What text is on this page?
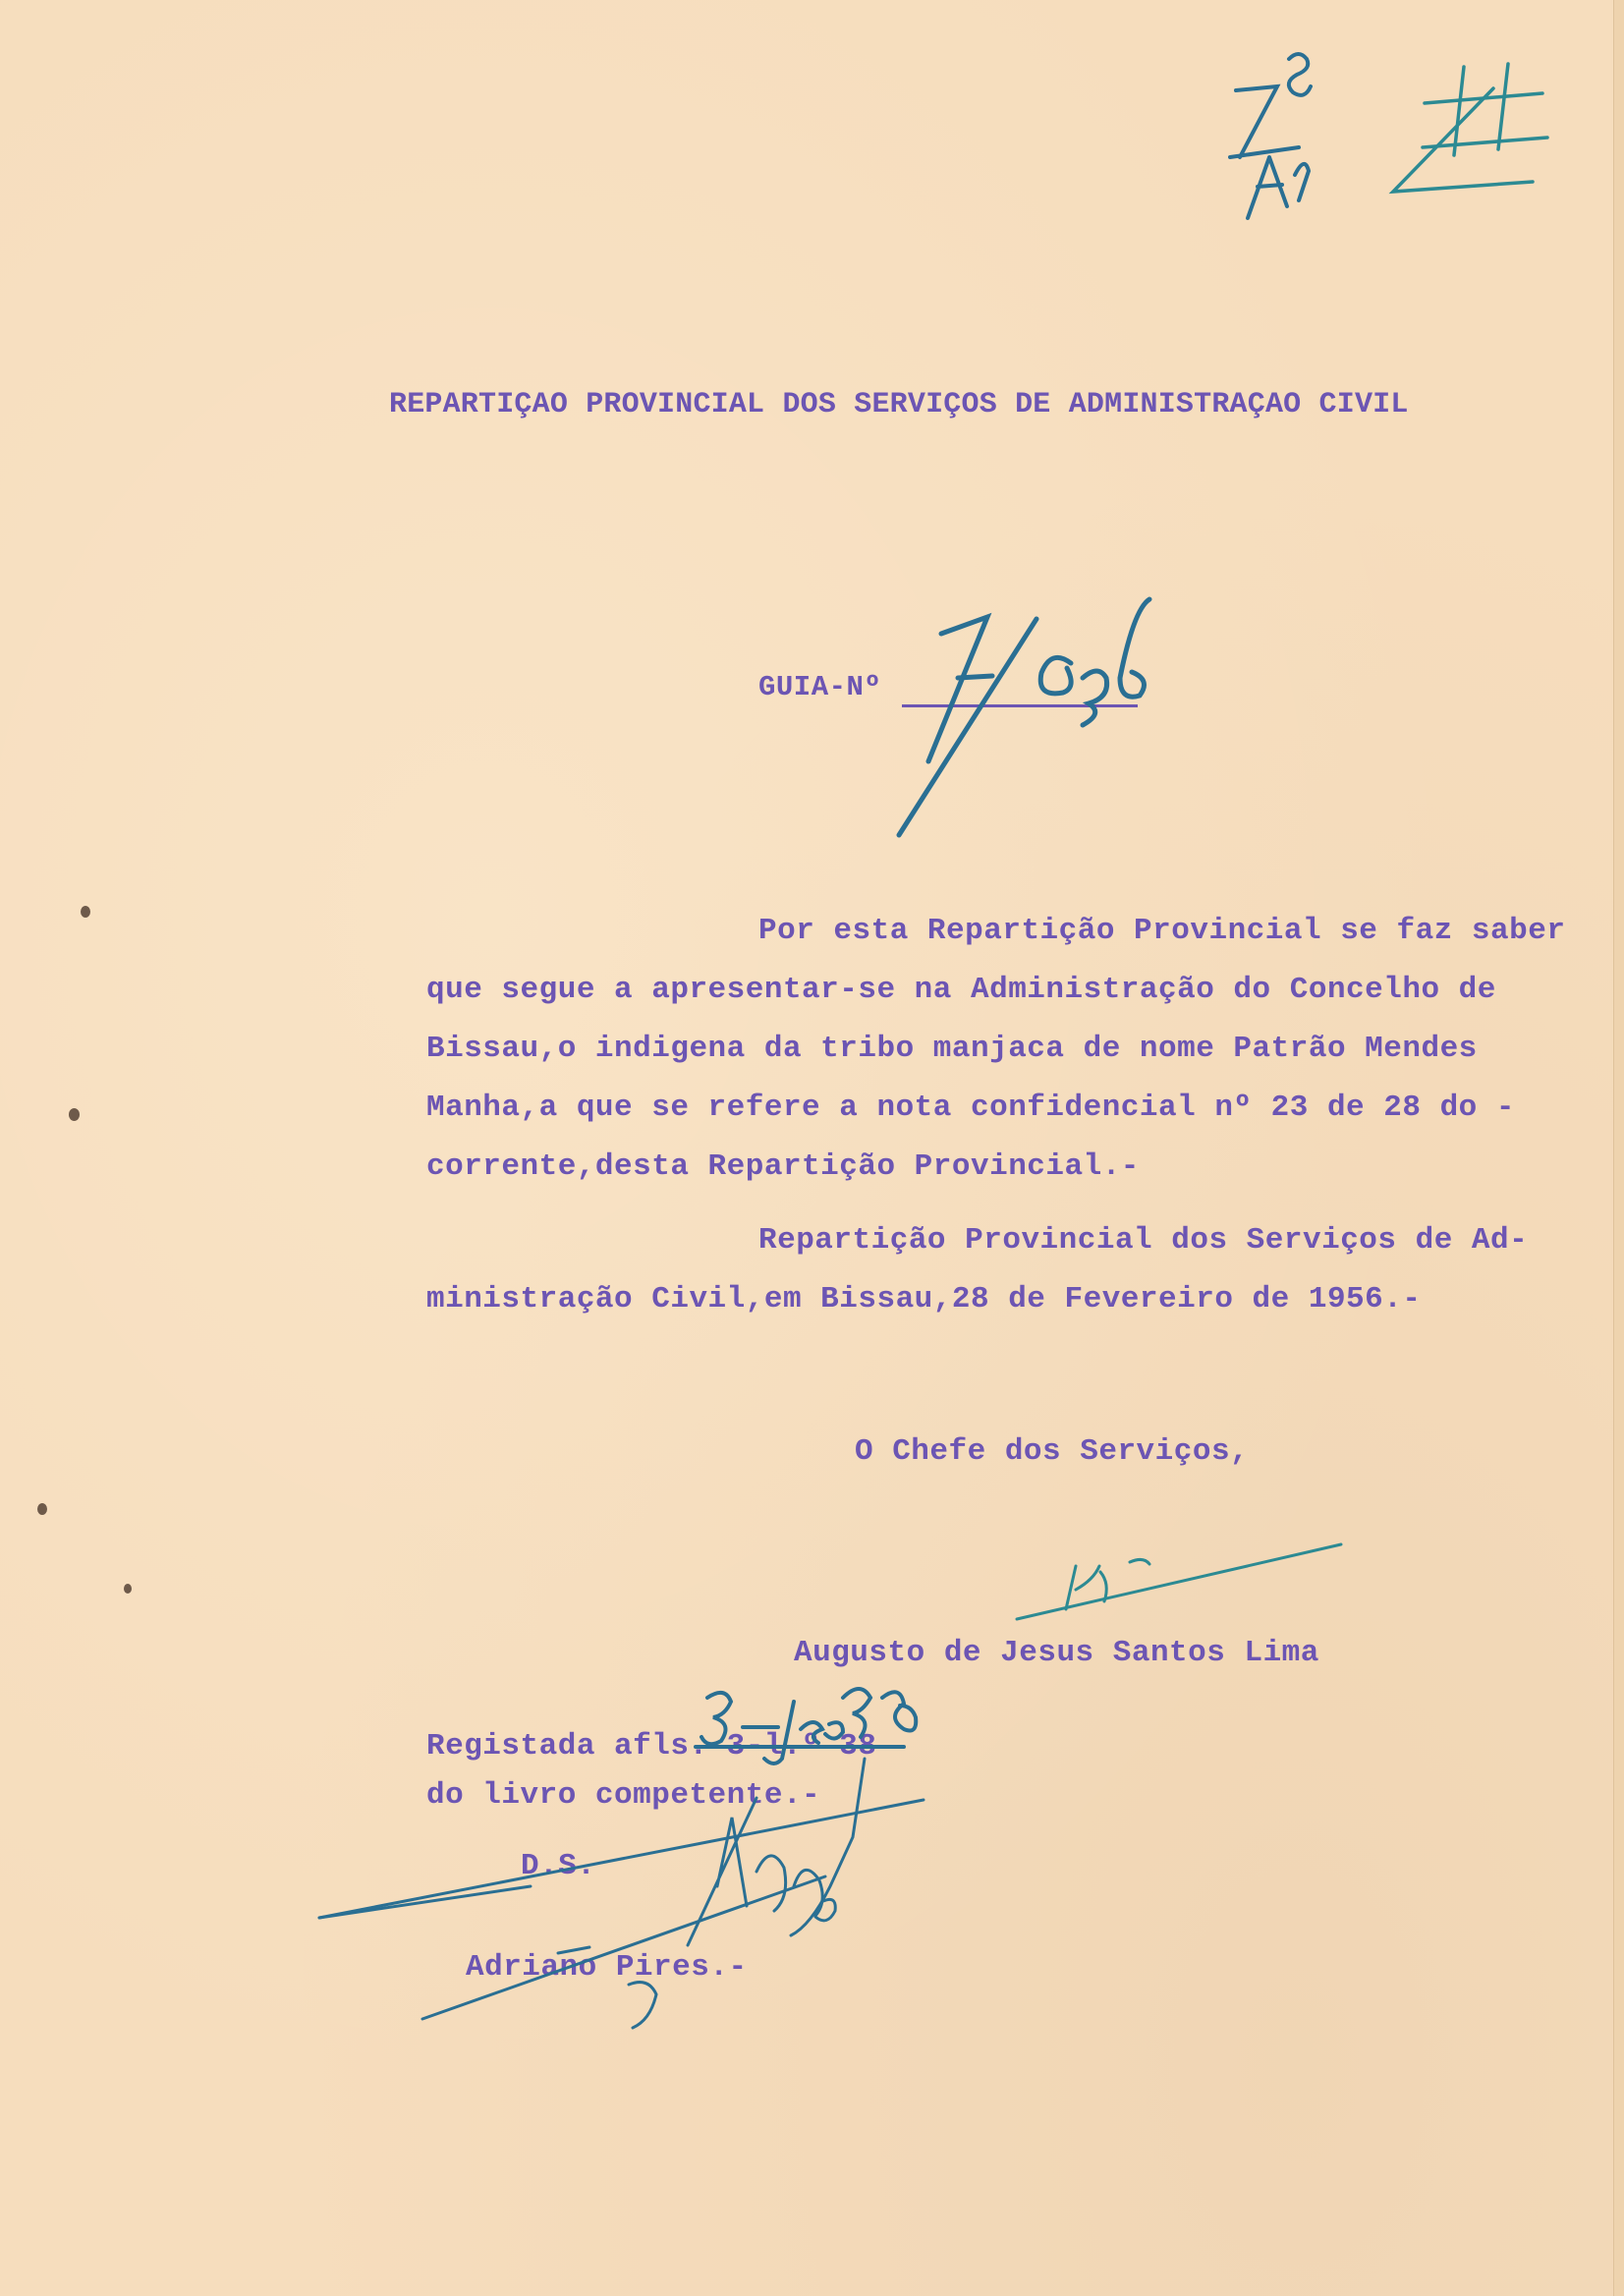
REPARTIÇAO PROVINCIAL DOS SERVIÇOS DE ADMINISTRAÇAO CIVIL

GUIA-Nº

Por esta Repartição Provincial se faz saber

que segue a apresentar-se na Administração do Concelho de

Bissau,o indigena da tribo manjaca de nome Patrão Mendes

Manha,a que se refere a nota confidencial nº 23 de 28 do -

corrente,desta Repartição Provincial.-

Repartição Provincial dos Serviços de Ad-

ministração Civil,em Bissau,28 de Fevereiro de 1956.-

O Chefe dos Serviços,

Augusto de Jesus Santos Lima

Registada afls. 3-l.º 38

do livro competente.-

D.S.

Adriano Pires.-
